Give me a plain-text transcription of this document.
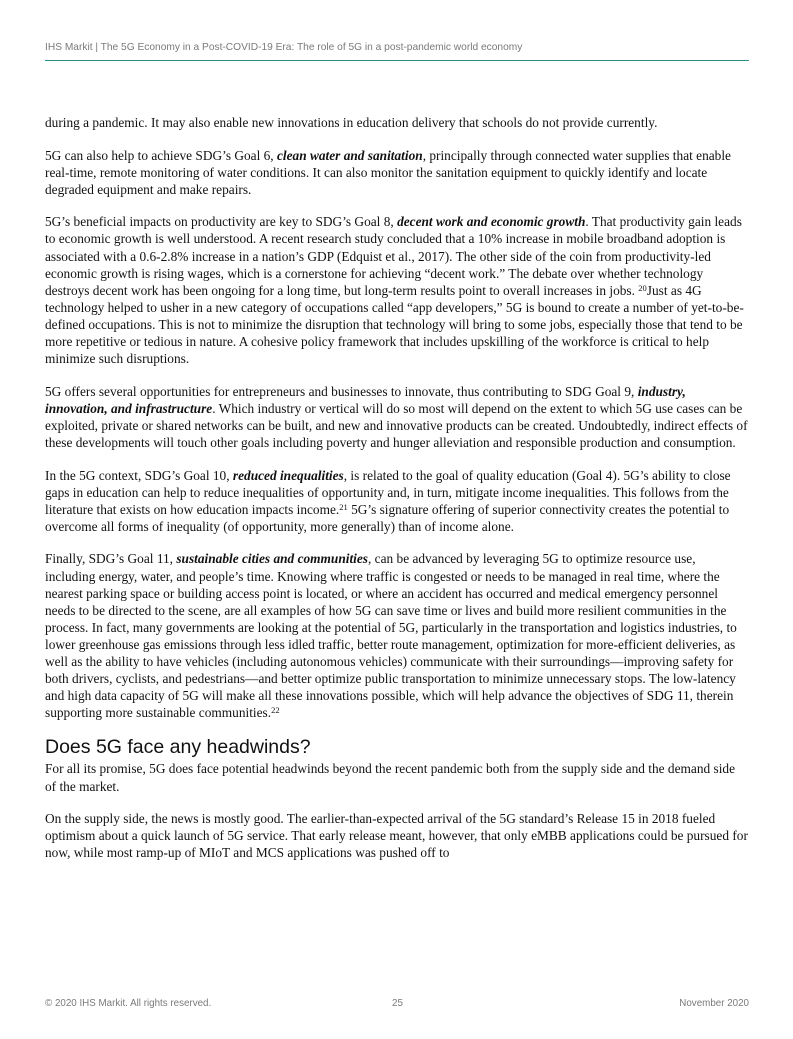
IHS Markit | The 5G Economy in a Post-COVID-19 Era: The role of 5G in a post-pandemic world economy

during a pandemic. It may also enable new innovations in education delivery that schools do not provide currently.

5G can also help to achieve SDG’s Goal 6, clean water and sanitation, principally through connected water supplies that enable real-time, remote monitoring of water conditions. It can also monitor the sanitation equipment to quickly identify and locate degraded equipment and make repairs.

5G’s beneficial impacts on productivity are key to SDG’s Goal 8, decent work and economic growth. That productivity gain leads to economic growth is well understood. A recent research study concluded that a 10% increase in mobile broadband adoption is associated with a 0.6-2.8% increase in a nation’s GDP (Edquist et al., 2017). The other side of the coin from productivity-led economic growth is rising wages, which is a cornerstone for achieving “decent work.” The debate over whether technology destroys decent work has been ongoing for a long time, but long-term results point to overall increases in jobs. $^{20}$Just as 4G technology helped to usher in a new category of occupations called “app developers,” 5G is bound to create a number of yet-to-be-defined occupations. This is not to minimize the disruption that technology will bring to some jobs, especially those that tend to be more repetitive or tedious in nature. A cohesive policy framework that includes upskilling of the workforce is critical to help minimize such disruptions.

5G offers several opportunities for entrepreneurs and businesses to innovate, thus contributing to SDG Goal 9, industry, innovation, and infrastructure. Which industry or vertical will do so most will depend on the extent to which 5G use cases can be exploited, private or shared networks can be built, and new and innovative products can be created. Undoubtedly, indirect effects of these developments will touch other goals including poverty and hunger alleviation and responsible production and consumption.

In the 5G context, SDG’s Goal 10, reduced inequalities, is related to the goal of quality education (Goal 4). 5G’s ability to close gaps in education can help to reduce inequalities of opportunity and, in turn, mitigate income inequalities. This follows from the literature that exists on how education impacts income.$^{21}$ 5G’s signature offering of superior connectivity creates the potential to overcome all forms of inequality (of opportunity, more generally) than of income alone.

Finally, SDG’s Goal 11, sustainable cities and communities, can be advanced by leveraging 5G to optimize resource use, including energy, water, and people’s time. Knowing where traffic is congested or needs to be managed in real time, where the nearest parking space or building access point is located, or where an accident has occurred and medical emergency personnel needs to be directed to the scene, are all examples of how 5G can save time or lives and build more resilient communities in the process. In fact, many governments are looking at the potential of 5G, particularly in the transportation and logistics industries, to lower greenhouse gas emissions through less idled traffic, better route management, optimization for more-efficient deliveries, as well as the ability to have vehicles (including autonomous vehicles) communicate with their surroundings—improving safety for both drivers, cyclists, and pedestrians—and better optimize public transportation to minimize unnecessary stops. The low-latency and high data capacity of 5G will make all these innovations possible, which will help advance the objectives of SDG 11, therein supporting more sustainable communities.$^{22}$

Does 5G face any headwinds?

For all its promise, 5G does face potential headwinds beyond the recent pandemic both from the supply side and the demand side of the market.

On the supply side, the news is mostly good. The earlier-than-expected arrival of the 5G standard’s Release 15 in 2018 fueled optimism about a quick launch of 5G service. That early release meant, however, that only eMBB applications could be pursued for now, while most ramp-up of MIoT and MCS applications was pushed off to

© 2020 IHS Markit. All rights reserved.	25	November 2020
